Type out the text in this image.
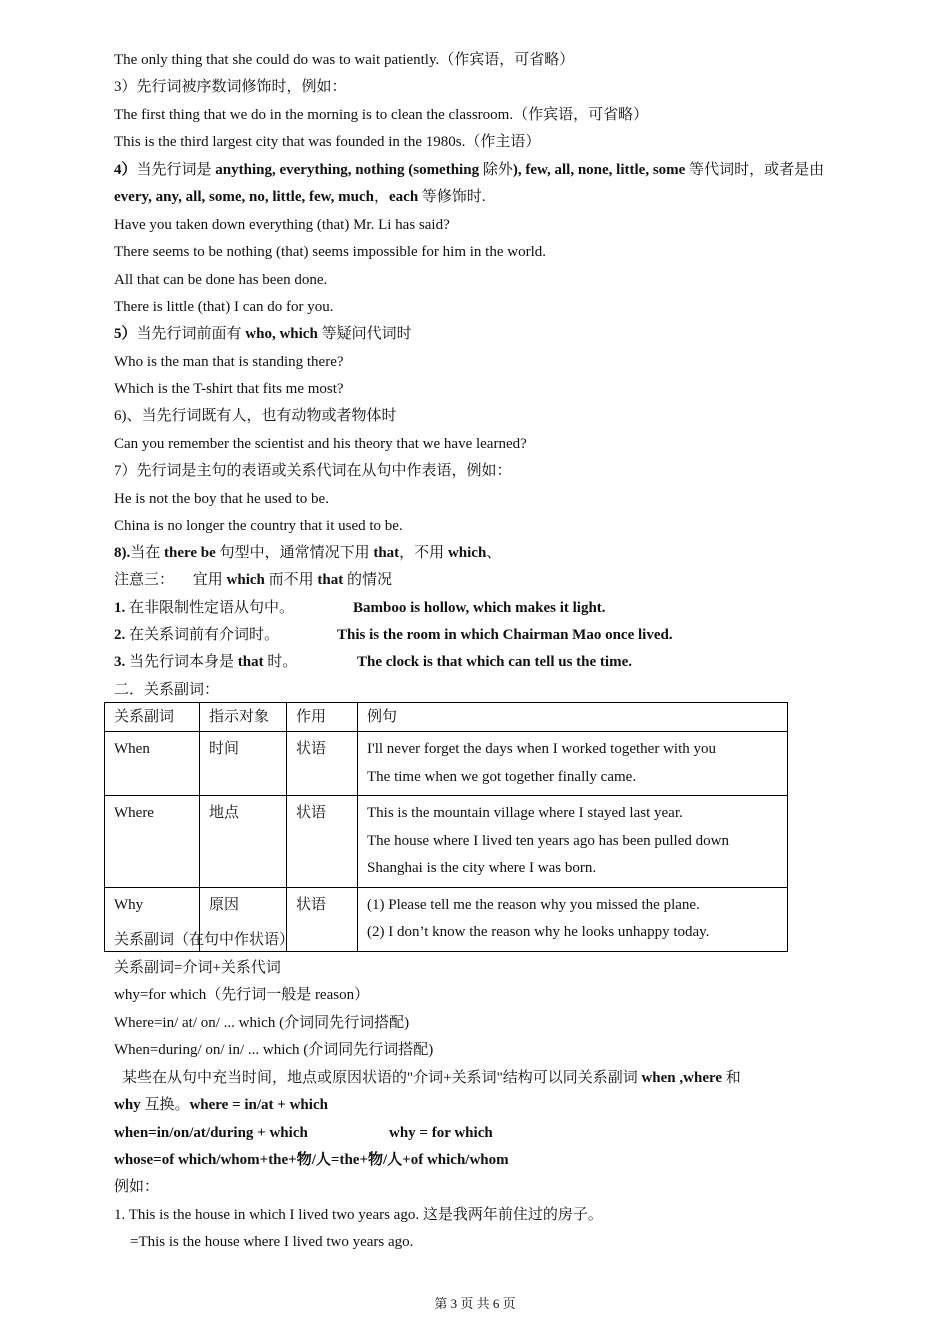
The only thing that she could do was to wait patiently.（作宾语，可省略）
3）先行词被序数词修饰时，例如：
The first thing that we do in the morning is to clean the classroom.（作宾语，可省略）
This is the third largest city that was founded in the 1980s.（作主语）
4）当先行词是 anything, everything, nothing (something 除外), few, all, none, little, some 等代词时，或者是由
every, any, all, some, no, little, few, much，each 等修饰时.
Have you taken down everything (that) Mr. Li has said?
There seems to be nothing (that) seems impossible for him in the world.
All that can be done has been done.
There is little (that) I can do for you.
5）当先行词前面有 who, which 等疑问代词时
Who is the man that is standing there?
Which is the T-shirt that fits me most?
6)、当先行词既有人，也有动物或者物体时
Can you remember the scientist and his theory that we have learned?
7）先行词是主句的表语或关系代词在从句中作表语，例如：
He is not the boy that he used to be.
China is no longer the country that it used to be.
8).当在 there be 句型中，通常情况下用 that，不用 which、
注意三：     宜用 which 而不用 that 的情况
1. 在非限制性定语从句中。	Bamboo is hollow, which makes it light.
2. 在关系词前有介词时。	This is the room in which Chairman Mao once lived.
3. 当先行词本身是 that 时。	The clock is that which can tell us the time.
二．关系副词：
关系副词	指示对象	作用	例句
When	时间	状语	I'll never forget the days when I worked together with you
The time when we got together finally came.

Where	地点	状语	This is the mountain village where I stayed last year.
The house where I lived ten years ago has been pulled down
Shanghai is the city where I was born.

Why	原因	状语	(1) Please tell me the reason why you missed the plane.
(2) I don’t know the reason why he looks unhappy today.
关系副词（在句中作状语）
关系副词=介词+关系代词
why=for which（先行词一般是 reason）
Where=in/ at/ on/ ... which (介词同先行词搭配)
When=during/ on/ in/ ... which (介词同先行词搭配)
某些在从句中充当时间，地点或原因状语的"介词+关系词"结构可以同关系副词 when ,where 和
why 互换。where = in/at + which
when=in/on/at/during + which	why = for which
whose=of which/whom+the+物/人=the+物/人+of which/whom
例如：
1. This is the house in which I lived two years ago. 这是我两年前住过的房子。
=This is the house where I lived two years ago.
第 3 页 共 6 页
